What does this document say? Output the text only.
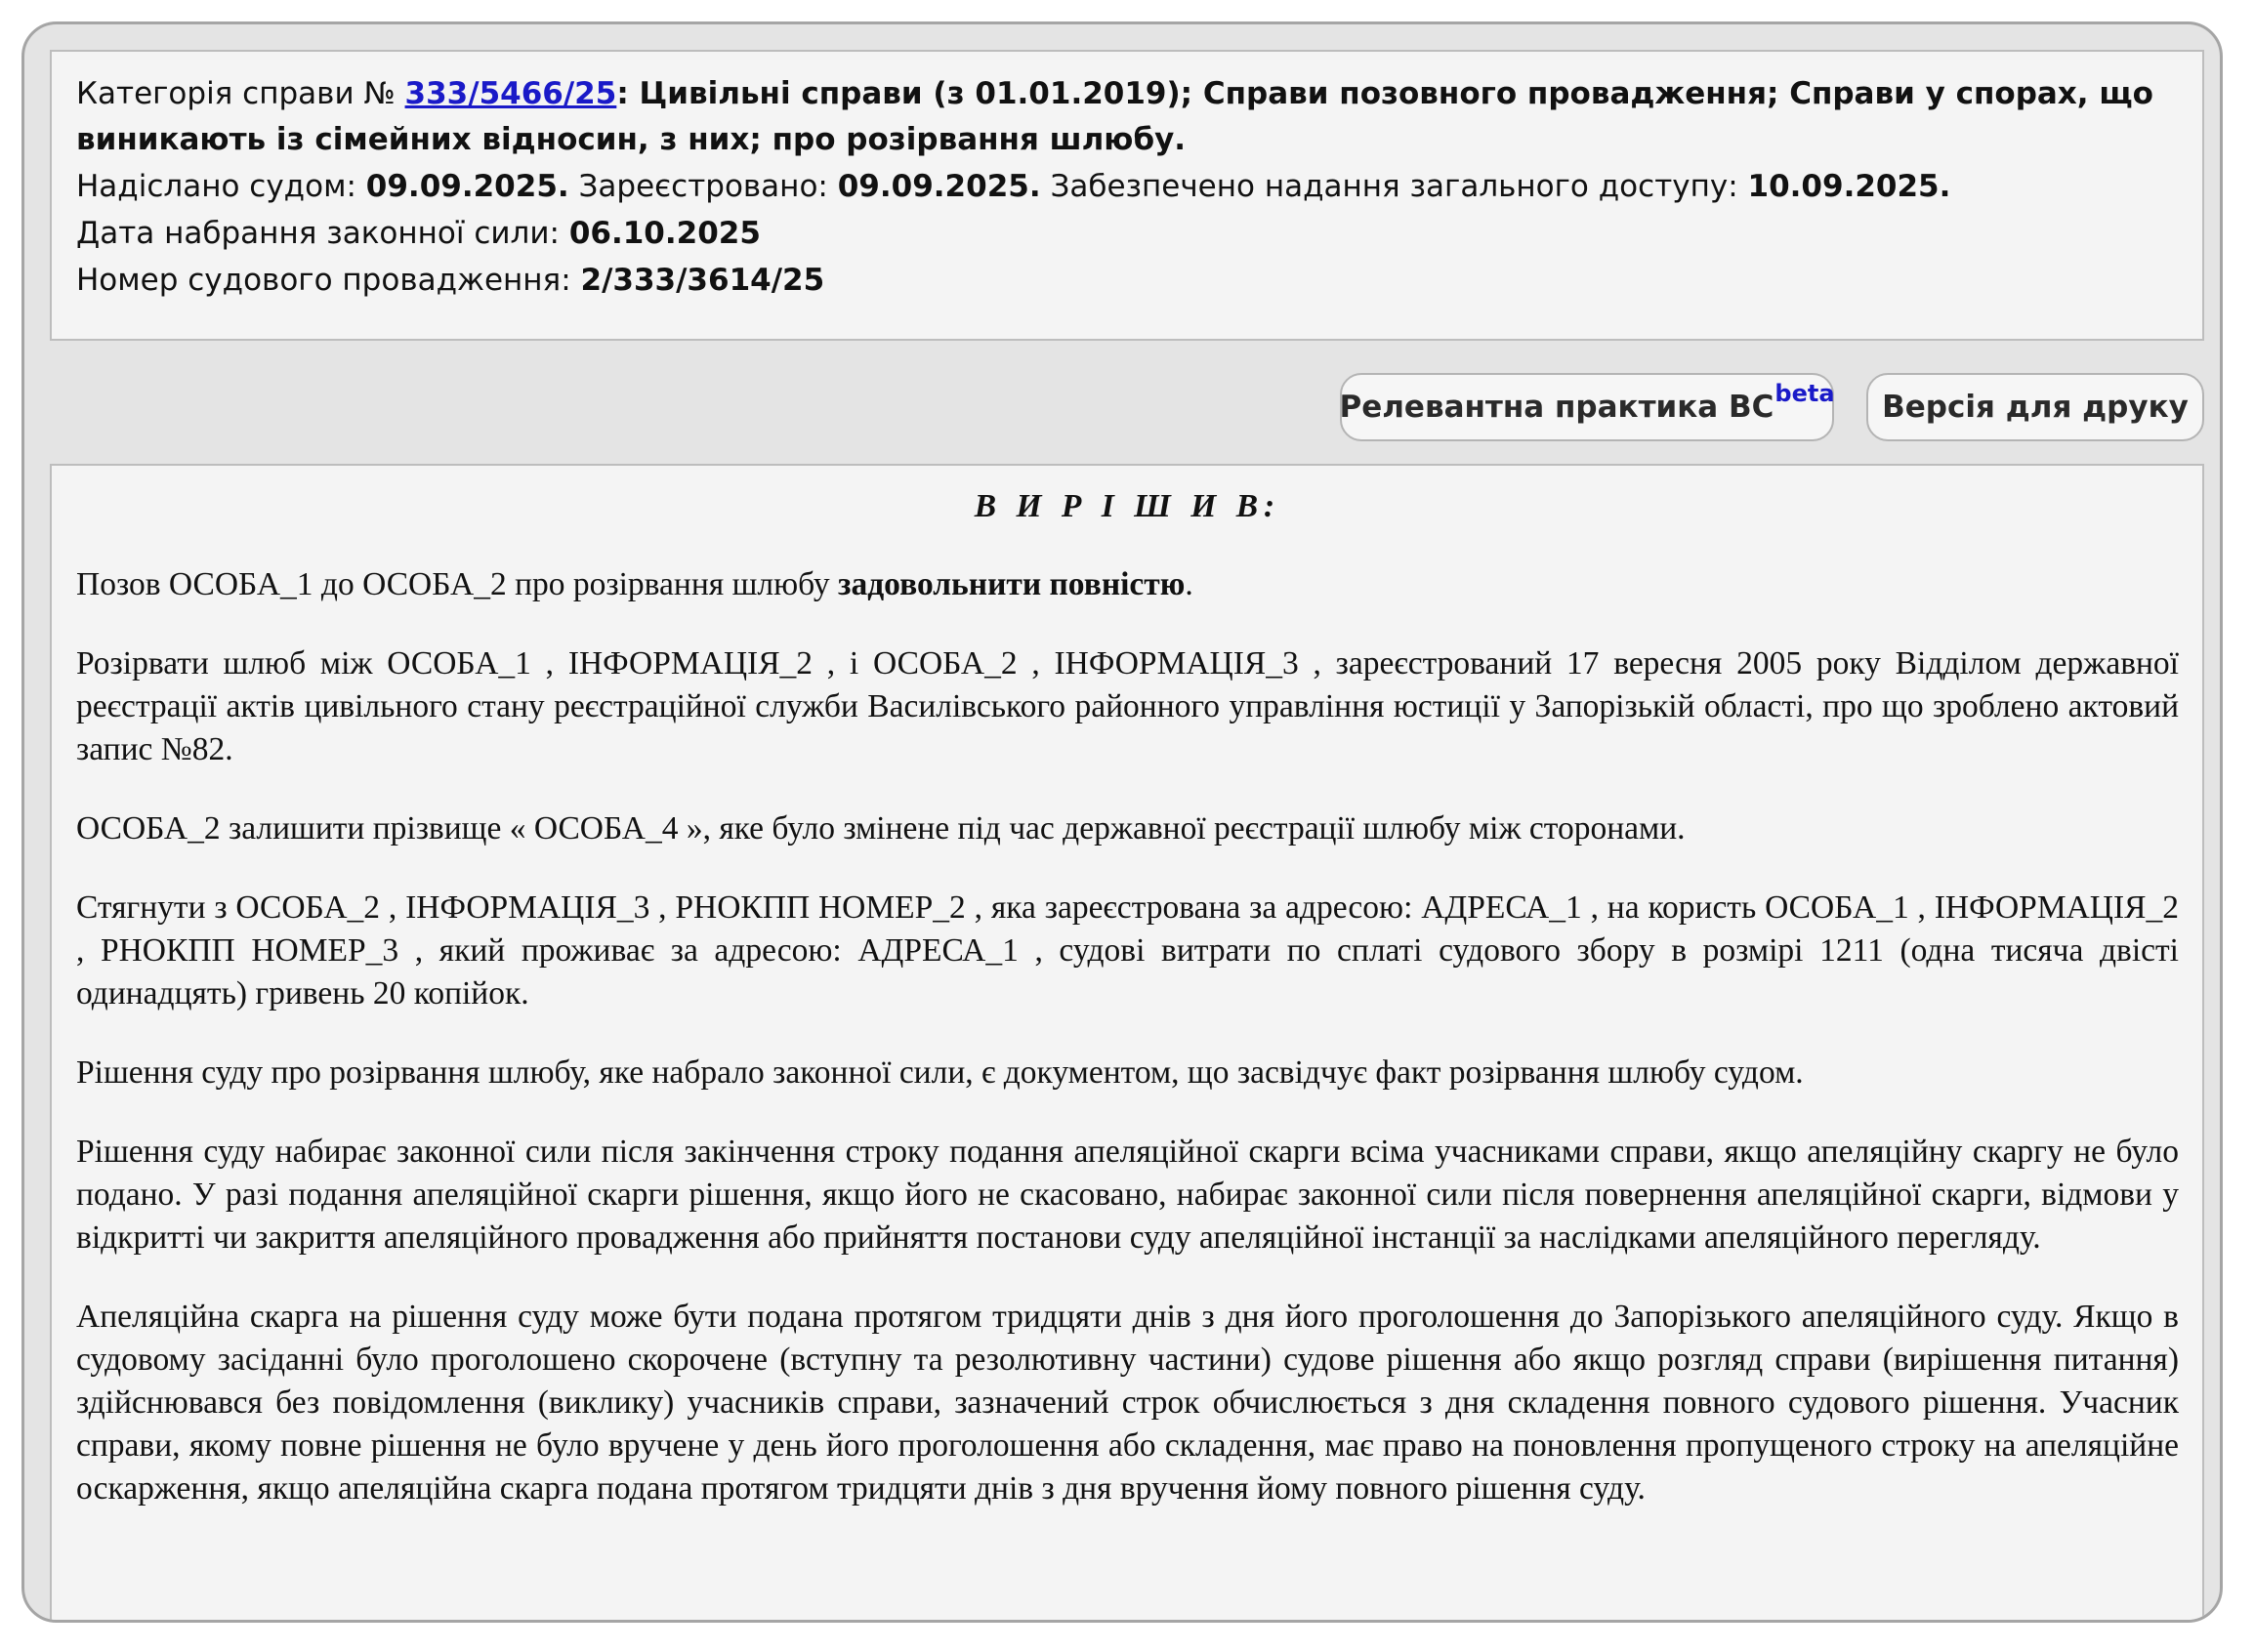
Категорія справи № 333/5466/25: Цивільні справи (з 01.01.2019); Справи позовного провадження; Справи у спорах, що виникають із сімейних відносин, з них; про розірвання шлюбу.
Надіслано судом: 09.09.2025. Зареєстровано: 09.09.2025. Забезпечено надання загального доступу: 10.09.2025.
Дата набрання законної сили: 06.10.2025
Номер судового провадження: 2/333/3614/25
Релевантна практика $ВС^{beta}$ Версія для друку
В И Р І Ш И В:

Позов ОСОБА_1 до ОСОБА_2 про розірвання шлюбу задовольнити повністю.

Розірвати шлюб між ОСОБА_1 , ІНФОРМАЦІЯ_2 , і ОСОБА_2 , ІНФОРМАЦІЯ_3 , зареєстрований 17 вересня 2005 року Відділом державної реєстрації актів цивільного стану реєстраційної служби Василівського районного управління юстиції у Запорізькій області, про що зроблено актовий запис №82.

ОСОБА_2 залишити прізвище « ОСОБА_4 », яке було змінене під час державної реєстрації шлюбу між сторонами.

Стягнути з ОСОБА_2 , ІНФОРМАЦІЯ_3 , РНОКПП НОМЕР_2 , яка зареєстрована за адресою: АДРЕСА_1 , на користь ОСОБА_1 , ІНФОРМАЦІЯ_2 , РНОКПП НОМЕР_3 , який проживає за адресою: АДРЕСА_1 , судові витрати по сплаті судового збору в розмірі 1211 (одна тисяча двісті одинадцять) гривень 20 копійок.

Рішення суду про розірвання шлюбу, яке набрало законної сили, є документом, що засвідчує факт розірвання шлюбу судом.

Рішення суду набирає законної сили після закінчення строку подання апеляційної скарги всіма учасниками справи, якщо апеляційну скаргу не було подано. У разі подання апеляційної скарги рішення, якщо його не скасовано, набирає законної сили після повернення апеляційної скарги, відмови у відкритті чи закриття апеляційного провадження або прийняття постанови суду апеляційної інстанції за наслідками апеляційного перегляду.

Апеляційна скарга на рішення суду може бути подана протягом тридцяти днів з дня його проголошення до Запорізького апеляційного суду. Якщо в судовому засіданні було проголошено скорочене (вступну та резолютивну частини) судове рішення або якщо розгляд справи (вирішення питання) здійснювався без повідомлення (виклику) учасників справи, зазначений строк обчислюється з дня складення повного судового рішення. Учасник справи, якому повне рішення не було вручене у день його проголошення або складення, має право на поновлення пропущеного строку на апеляційне оскарження, якщо апеляційна скарга подана протягом тридцяти днів з дня вручення йому повного рішення суду.
